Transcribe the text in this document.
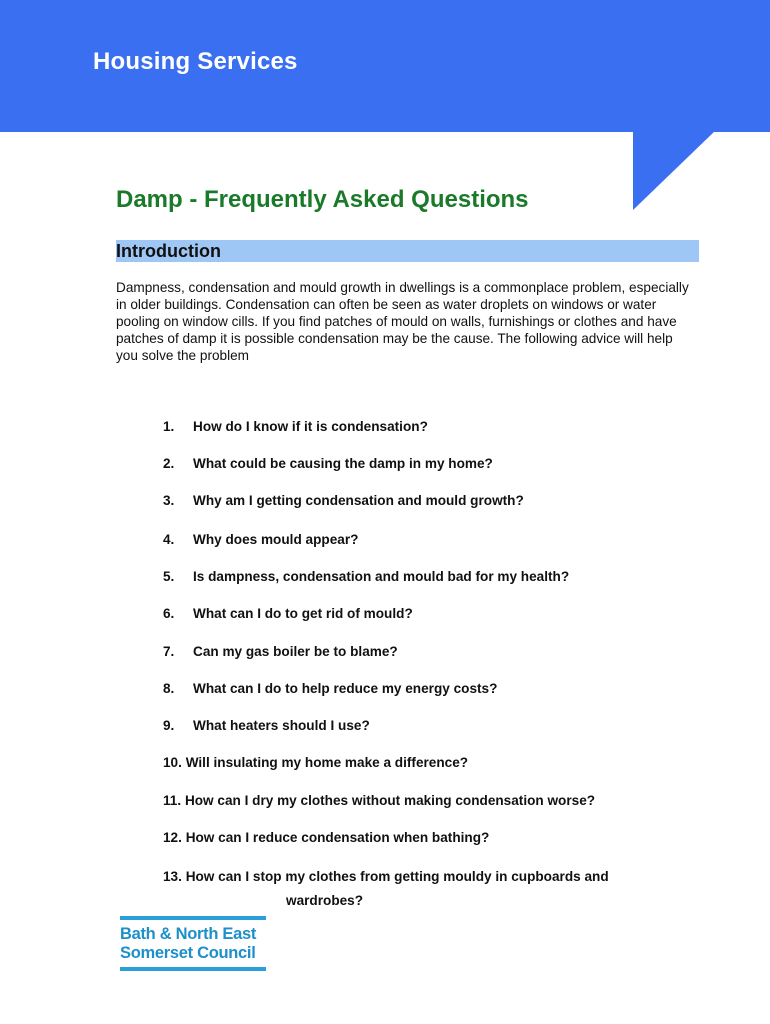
Housing Services
Damp - Frequently Asked Questions
Introduction

Dampness, condensation and mould growth in dwellings is a commonplace problem, especially in older buildings. Condensation can often be seen as water droplets on windows or water pooling on window cills. If you find patches of mould on walls, furnishings or clothes and have patches of damp it is possible condensation may be the cause. The following advice will help you solve the problem

1. How do I know if it is condensation?
2. What could be causing the damp in my home?
3. Why am I getting condensation and mould growth?
4. Why does mould appear?
5. Is dampness, condensation and mould bad for my health?
6. What can I do to get rid of mould?
7. Can my gas boiler be to blame?
8. What can I do to help reduce my energy costs?
9. What heaters should I use?
10. Will insulating my home make a difference?
11. How can I dry my clothes without making condensation worse?
12. How can I reduce condensation when bathing?
13. How can I stop my clothes from getting mouldy in cupboards and
wardrobes?
Bath & North East
Somerset Council
